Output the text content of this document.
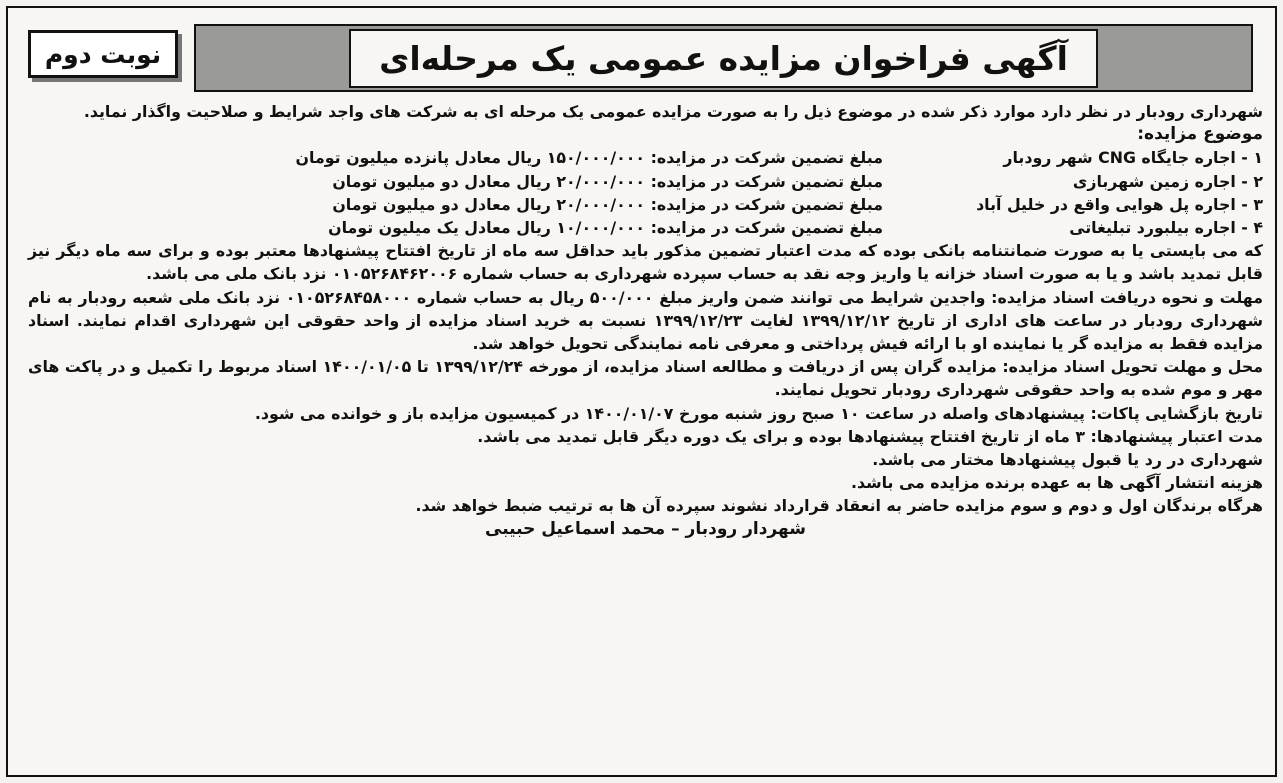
آگهی فراخوان مزایده عمومی یک مرحله‌ای
نوبت دوم

شهرداری رودبار در نظر دارد موارد ذکر شده در موضوع ذیل را به صورت مزایده عمومی یک مرحله ای به شرکت های واجد شرایط و صلاحیت واگذار نماید.

موضوع مزایده:

۱ - اجاره جایگاه CNG شهر رودبار
مبلغ تضمین شرکت در مزایده: ۱۵۰/۰۰۰/۰۰۰ ریال معادل پانزده میلیون تومان
۲ - اجاره زمین شهربازی
مبلغ تضمین شرکت در مزایده: ۲۰/۰۰۰/۰۰۰ ریال معادل دو میلیون تومان
۳ - اجاره پل هوایی واقع در خلیل آباد
مبلغ تضمین شرکت در مزایده: ۲۰/۰۰۰/۰۰۰ ریال معادل دو میلیون تومان
۴ - اجاره بیلبورد تبلیغاتی
مبلغ تضمین شرکت در مزایده: ۱۰/۰۰۰/۰۰۰ ریال معادل یک میلیون تومان

که می بایستی یا به صورت ضمانتنامه بانکی بوده که مدت اعتبار تضمین مذکور باید حداقل سه ماه از تاریخ افتتاح پیشنهادها معتبر بوده و برای سه ماه دیگر نیز قابل تمدید باشد و یا به صورت اسناد خزانه یا واریز وجه نقد به حساب سپرده شهرداری به حساب شماره ۰۱۰۵۲۶۸۴۶۲۰۰۶ نزد بانک ملی می باشد.

مهلت و نحوه دریافت اسناد مزایده: واجدین شرایط می توانند ضمن واریز مبلغ ۵۰۰/۰۰۰ ریال به حساب شماره ۰۱۰۵۲۶۸۴۵۸۰۰۰ نزد بانک ملی شعبه رودبار به نام شهرداری رودبار در ساعت های اداری از تاریخ ۱۳۹۹/۱۲/۱۲ لغایت ۱۳۹۹/۱۲/۲۳ نسبت به خرید اسناد مزایده از واحد حقوقی این شهرداری اقدام نمایند. اسناد مزایده فقط به مزایده گر یا نماینده او با ارائه فیش پرداختی و معرفی نامه نمایندگی تحویل خواهد شد.

محل و مهلت تحویل اسناد مزایده: مزایده گران پس از دریافت و مطالعه اسناد مزایده، از مورخه ۱۳۹۹/۱۲/۲۴ تا ۱۴۰۰/۰۱/۰۵ اسناد مربوط را تکمیل و در پاکت های مهر و موم شده به واحد حقوقی شهرداری رودبار تحویل نمایند.

تاریخ بازگشایی پاکات: پیشنهادهای واصله در ساعت ۱۰ صبح روز شنبه مورخ ۱۴۰۰/۰۱/۰۷ در کمیسیون مزایده باز و خوانده می شود.

مدت اعتبار پیشنهادها: ۳ ماه از تاریخ افتتاح پیشنهادها بوده و برای یک دوره دیگر قابل تمدید می باشد.

شهرداری در رد یا قبول پیشنهادها مختار می باشد.

هزینه انتشار آگهی ها به عهده برنده مزایده می باشد.

هرگاه برندگان اول و دوم و سوم مزایده حاضر به انعقاد قرارداد نشوند سپرده آن ها به ترتیب ضبط خواهد شد.

شهردار رودبار – محمد اسماعیل حبیبی
